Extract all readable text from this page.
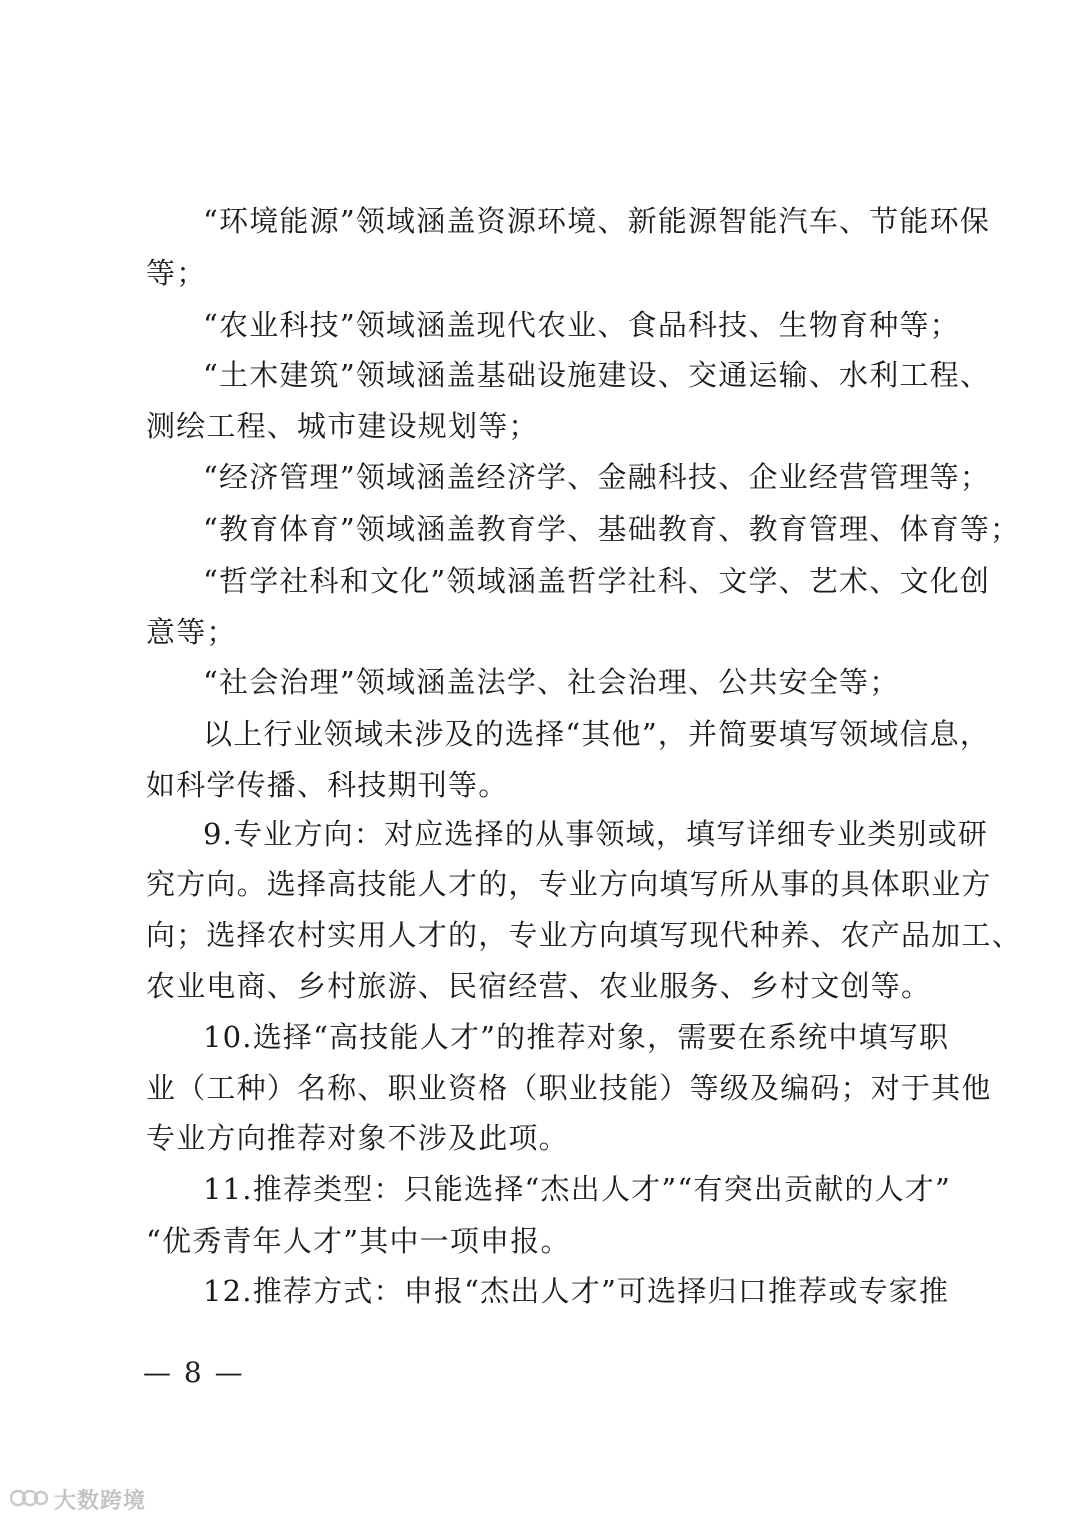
“环境能源”领域涵盖资源环境、新能源智能汽车、节能环保
等；
“农业科技”领域涵盖现代农业、食品科技、生物育种等；
“土木建筑”领域涵盖基础设施建设、交通运输、水利工程、
测绘工程、城市建设规划等；
“经济管理”领域涵盖经济学、金融科技、企业经营管理等；
“教育体育”领域涵盖教育学、基础教育、教育管理、体育等；
“哲学社科和文化”领域涵盖哲学社科、文学、艺术、文化创
意等；
“社会治理”领域涵盖法学、社会治理、公共安全等；
以上行业领域未涉及的选择“其他”，并简要填写领域信息，
如科学传播、科技期刊等。
9.专业方向：对应选择的从事领域，填写详细专业类别或研
究方向。选择高技能人才的，专业方向填写所从事的具体职业方
向；选择农村实用人才的，专业方向填写现代种养、农产品加工、
农业电商、乡村旅游、民宿经营、农业服务、乡村文创等。
10.选择“高技能人才”的推荐对象，需要在系统中填写职
业（工种）名称、职业资格（职业技能）等级及编码；对于其他
专业方向推荐对象不涉及此项。
11.推荐类型：只能选择“杰出人才”“有突出贡献的人才”
“优秀青年人才”其中一项申报。
12.推荐方式：申报“杰出人才”可选择归口推荐或专家推
— 8 —
大数跨境
